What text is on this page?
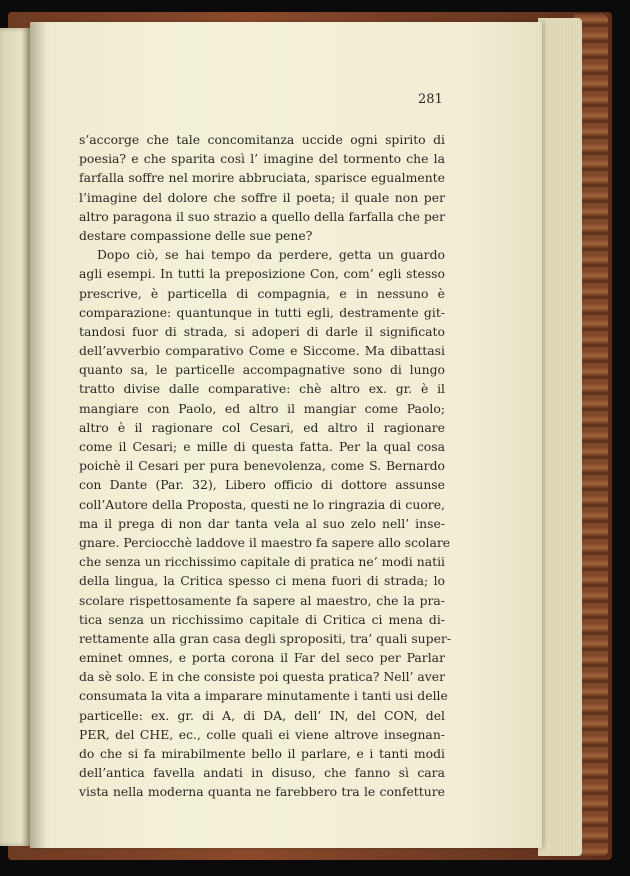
281
s’accorge che tale concomitanza uccide ogni spirito di
poesia? e che sparita così l’ imagine del tormento che la
farfalla soffre nel morire abbruciata, sparisce egualmente
l’imagine del dolore che soffre il poeta; il quale non per
altro paragona il suo strazio a quello della farfalla che per
destare compassione delle sue pene?
Dopo ciò, se hai tempo da perdere, getta un guardo
agli esempi. In tutti la preposizione Con, com’ egli stesso
prescrive, è particella di compagnia, e in nessuno è
comparazione: quantunque in tutti egli, destramente git-
tandosi fuor di strada, si adoperi di darle il significato
dell’avverbio comparativo Come e Siccome. Ma dibattasi
quanto sa, le particelle accompagnative sono di lungo
tratto divise dalle comparative: chè altro ex. gr. è il
mangiare con Paolo, ed altro il mangiar come Paolo;
altro è il ragionare col Cesari, ed altro il ragionare
come il Cesari; e mille di questa fatta. Per la qual cosa
poichè il Cesari per pura benevolenza, come S. Bernardo
con Dante (Par. 32), Libero officio di dottore assunse
coll’Autore della Proposta, questi ne lo ringrazia di cuore,
ma il prega di non dar tanta vela al suo zelo nell’ inse-
gnare. Perciocchè laddove il maestro fa sapere allo scolare
che senza un ricchissimo capitale di pratica ne’ modi natii
della lingua, la Critica spesso ci mena fuori di strada; lo
scolare rispettosamente fa sapere al maestro, che la pra-
tica senza un ricchissimo capitale di Critica ci mena di-
rettamente alla gran casa degli spropositi, tra’ quali super-
eminet omnes, e porta corona il Far del seco per Parlar
da sè solo. E in che consiste poi questa pratica? Nell’ aver
consumata la vita a imparare minutamente i tanti usi delle
particelle: ex. gr. di A, di DA, dell’ IN, del CON, del
PER, del CHE, ec., colle quali ei viene altrove insegnan-
do che si fa mirabilmente bello il parlare, e i tanti modi
dell’antica favella andati in disuso, che fanno sì cara
vista nella moderna quanta ne farebbero tra le confetture
